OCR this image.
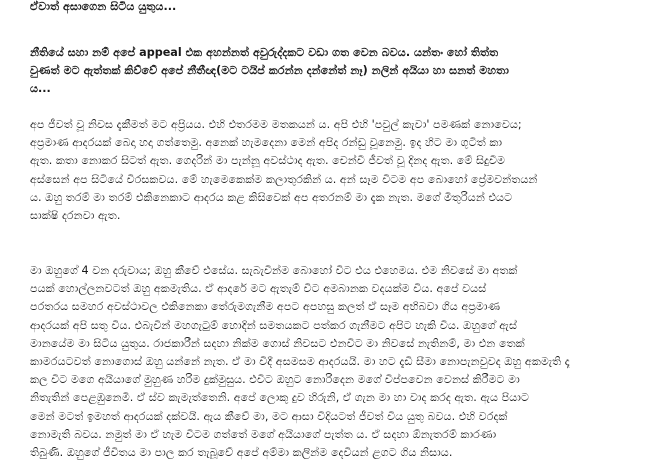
ඒවාත් අසාගෙන සිටිය යුතුය...

නීතියේ සහා නම් අපේ appeal එක අහන්නත් අවුරුද්දකට වඩා ගත වෙන බවය. යන්තං හෝ තිත්ත
වුණත් මට ඇත්තක් කිව්වේ අපේ නීතීඥ(මට ටයිප් කරන්න දන්නේත් නෑ) නලින් අයියා හා සනත් මහතා
ය...

අප ජීවත් වූ නිවස දැකීමත් මට අප්‍රියය. එහි එතරමම මතකයන් ය. අපි එහි 'පවුල් කැවා' පමණක් නොවෙය;
අප්‍රමාණ ආදරයක් බෙදා හදා ගත්තෙමු. අනෙක් හැමදෙනා මෙන් අපිද රන්ඩු වූනෙමු. ඉද හිට මා ගුටිත් කා
ඇත. කතා නොකර සිටත් ඇත. ගෙදරින් මා පැන්නූ අවස්ථාද ඇත. චෙන්වී ජීවත් වූ දිනද ඇත. මේ සිදුවීම
අස්සෙන් අප සිටියේ විරසකවය. මේ හැමෙකෙක්ම කලාතුරකින් ය. අන් සෑම විටම අප බොහෝ ප්‍රේමවන්තයන්
ය. ඔහු තරම් මා තරම් එකිනෙකාට ආදරය කළ කිසිවෙක් අප අතරනම් මා දැක නැත. මගේ මිතුරියන් එයට
සාක්ෂි දරනවා ඇත.

මා ඔහුගේ 4 වන දරුවාය; ඔහු කීවේ එසේය. සැබැවින්ම බොහෝ විට එය එහෙමය. එම නිවසේ මා අතක්
පයක් හොල්ලනවටත් ඔහු අකමැතිය. ඒ ආදරේ මට ඇතැම් විට අමබානක වදයක්ම විය. අපේ වයස්
පරතරය සමහර අවස්ථාවල එකිනෙකා තේරුමගැනීම අපට අපහසු කලත් ඒ සෑම අභිබවා ගිය අප්‍රමාණ
ආදරයක් අපි සතු විය. එබැවින් මහගැටුම් හොදින් සමතයකට පත්කර ගැනීමට අපිට හැකි විය. ඔහුගේ ඇස්
මානයේම මා සිටිය යුතුය. රාජකාරීන් සදහා නික්ම ගොස් නිවසට එනවිට මා නිවසේ නැතිනම්, මා එන තෙක්
කාමරයටවත් නොගොස් ඔහු යන්නේ නැත. ඒ මා විදී අසමසම ආදරයයි. මා හට දැඩි සීමා නොපැනවුවද ඔහු අකමැති දෑ
කල විට මගෙ අයියාගේ මුහුණ හරිම දුක්මුසුය. එවිට ඔහුට නොරිදෙන මගේ විප්පවෙන වෙනස් කිරීමට මා
නිතැතින් පෙළඹුනෙමි. ඒ ස්ව කැමැත්තෙනි. අපේ ලොකු දුව හිරුනි, ඒ ගැන මා හා වාද කරද ඇත. ඇය පියාට
මෙන් මටත් ඉමහත් ආදරයක් දක්වයි. ඇය කීවේ මා, මට ආසා විදියටත් ජීවත් විය යුතු බවය. එහි වරදක්
නොමැති බවය. නමුත් මා ඒ හැම විටම ගත්තේ මගේ අයියාගේ පැත්ත ය. ඒ සදහා ඕනැතරම් කාරණා
තිබුණි. ඔහුගේ ජීවිතය මා පාල කර තැබූවේ අපේ අම්මා කලින්ම දෙවියන් ළගට ගිය නිසාය.
